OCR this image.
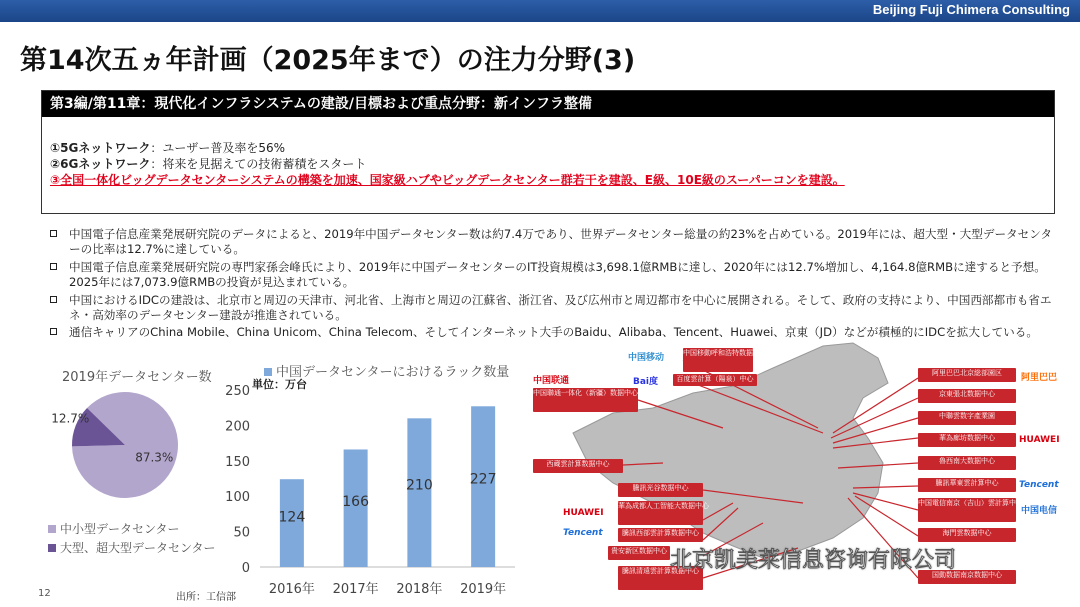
Beijing Fuji Chimera Consulting
第14次五ヵ年計画（2025年まで）の注力分野(3)
第3編/第11章：現代化インフラシステムの建設/目標および重点分野：新インフラ整備
①5Gネットワーク：ユーザー普及率を56%
②6Gネットワーク：将来を見据えての技術蓄積をスタート
③全国一体化ビッグデータセンターシステムの構築を加速、国家級ハブやビッグデータセンター群若干を建設、E級、10E級のスーパーコンを建設。
中国電子信息産業発展研究院のデータによると、2019年中国データセンター数は約7.4万であり、世界データセンター総量の約23%を占めている。2019年には、超大型・大型データセンターの比率は12.7%に達している。
中国電子信息産業発展研究院の専門家孫会峰氏により、2019年に中国データセンターのIT投資規模は3,698.1億RMBに達し、2020年には12.7%増加し、4,164.8億RMBに達すると予想。2025年には7,073.9億RMBの投資が見込まれている。
中国におけるIDCの建設は、北京市と周辺の天津市、河北省、上海市と周辺の江蘇省、浙江省、及び広州市と周辺都市を中心に展開される。そして、政府の支持により、中国西部都市も省エネ・高効率のデータセンター建設が推進されている。
通信キャリアのChina Mobile、China Unicom、China Telecom、そしてインターネット大手のBaidu、Alibaba、Tencent、Huawei、京東（JD）などが積極的にIDCを拡大している。
2019年データセンター数
87.3%
12.7%
中小型データセンター
大型、超大型データセンター
中国データセンターにおけるラック数量
単位：万台
0
50
100
150
200
250
124
2016年
166
2017年
210
2018年
227
2019年
出所：工信部
中国移動呼和浩特数据中心
百度雲計算（陽泉）中心
中国聯通一体化（新疆）数据中心
阿里巴巴北京総部園区
京東張北数据中心
中聯雲数字產業園
華為廊坊数据中心
魯西南大数据中心
騰訊華東雲計算中心
中国電信南京（吉山）雲計算中心
海門雲数据中心
国動数据南京数据中心
西蔵雲計算数据中心
騰訊光谷数据中心
華為成都人工智能大数据中心
騰訊西部雲計算数据中心
貴安新区数据中心
騰訊清遠雲計算数据中心
中国移动
中国联通	Bai度
HUAWEI
Tencent
中国电信
阿里巴巴
HUAWEI
Tencent
北京凯美莱信息咨询有限公司
12
